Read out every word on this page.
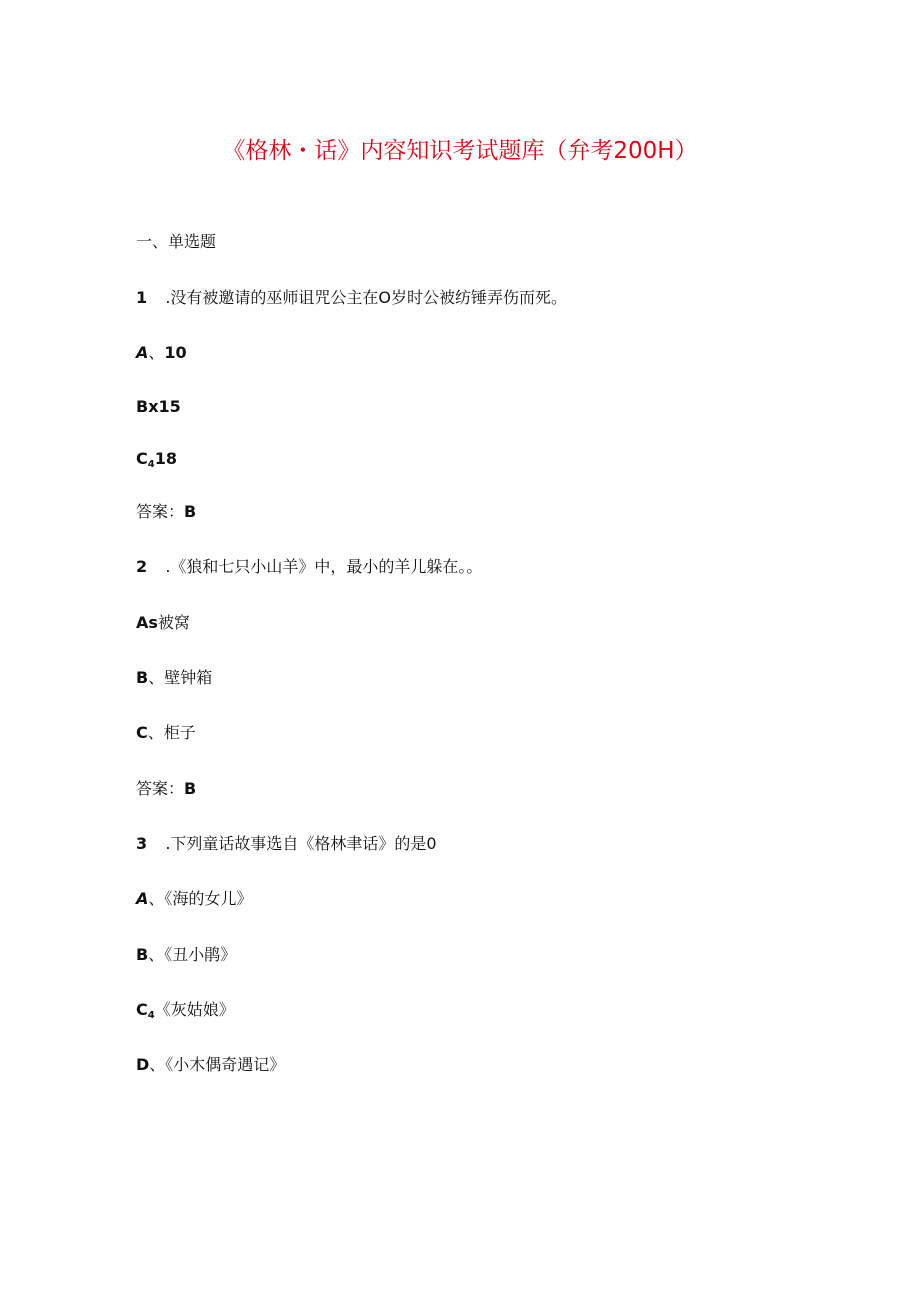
《格林・话》内容知识考试题库（弁考200H）
一、单选题
1 .没有被邀请的巫师诅咒公主在O岁时公被纺锤弄伤而死。
A、10
Bx15
$C_418$
答案：B
2 .《狼和七只小山羊》中，最小的羊儿躲在。。
As被窝
B、壁钟箱
C、柜子
答案：B
3 .下列童话故事选自《格林聿话》的是0
A、《海的女儿》
B、《丑小鹃》
$C_4$《灰姑娘》
D、《小木偶奇遇记》
